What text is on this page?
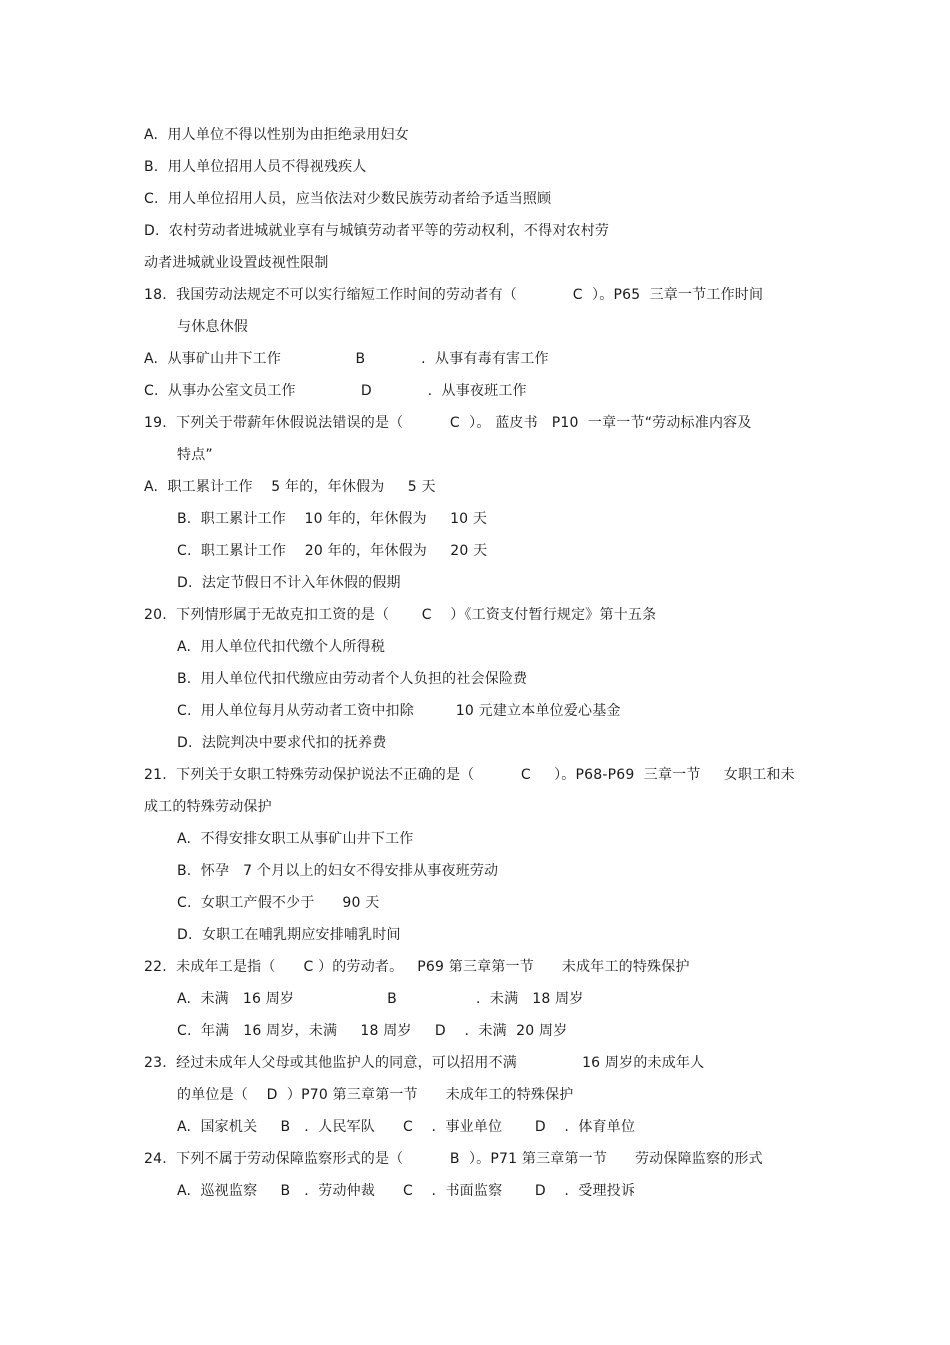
A.  用人单位不得以性别为由拒绝录用妇女
B.  用人单位招用人员不得视残疾人
C.  用人单位招用人员，应当依法对少数民族劳动者给予适当照顾
D.  农村劳动者进城就业享有与城镇劳动者平等的劳动权利，不得对农村劳
动者进城就业设置歧视性限制
18.  我国劳动法规定不可以实行缩短工作时间的劳动者有（            C  ）。P65  三章一节工作时间
与休息休假
A.  从事矿山井下工作                B            .  从事有毒有害工作
C.  从事办公室文员工作              D            .  从事夜班工作
19.  下列关于带薪年休假说法错误的是（          C  ）。 蓝皮书   P10  一章一节“劳动标准内容及
特点”
A.  职工累计工作    5 年的，年休假为     5 天
B.  职工累计工作    10 年的，年休假为     10 天
C.  职工累计工作    20 年的，年休假为     20 天
D.  法定节假日不计入年休假的假期
20.  下列情形属于无故克扣工资的是（       C    ）《工资支付暂行规定》第十五条
A.  用人单位代扣代缴个人所得税
B.  用人单位代扣代缴应由劳动者个人负担的社会保险费
C.  用人单位每月从劳动者工资中扣除         10 元建立本单位爱心基金
D.  法院判决中要求代扣的抚养费
21.  下列关于女职工特殊劳动保护说法不正确的是（          C     ）。P68-P69  三章一节     女职工和未
成工的特殊劳动保护
A.  不得安排女职工从事矿山井下工作
B.  怀孕   7 个月以上的妇女不得安排从事夜班劳动
C.  女职工产假不少于      90 天
D.  女职工在哺乳期应安排哺乳时间
22.  未成年工是指（      C ）的劳动者。   P69 第三章第一节      未成年工的特殊保护
A.  未满   16 周岁                    B                 .  未满   18 周岁
C.  年满   16 周岁，未满     18 周岁     D    .  未满  20 周岁
23.  经过未成年人父母或其他监护人的同意，可以招用不满              16 周岁的未成年人
的单位是（    D  ）P70 第三章第一节      未成年工的特殊保护
A.  国家机关     B   .  人民军队      C    .  事业单位       D    .  体育单位
24.  下列不属于劳动保障监察形式的是（          B  ）。P71 第三章第一节      劳动保障监察的形式
A.  巡视监察     B   .  劳动仲裁      C    .  书面监察       D    .  受理投诉
